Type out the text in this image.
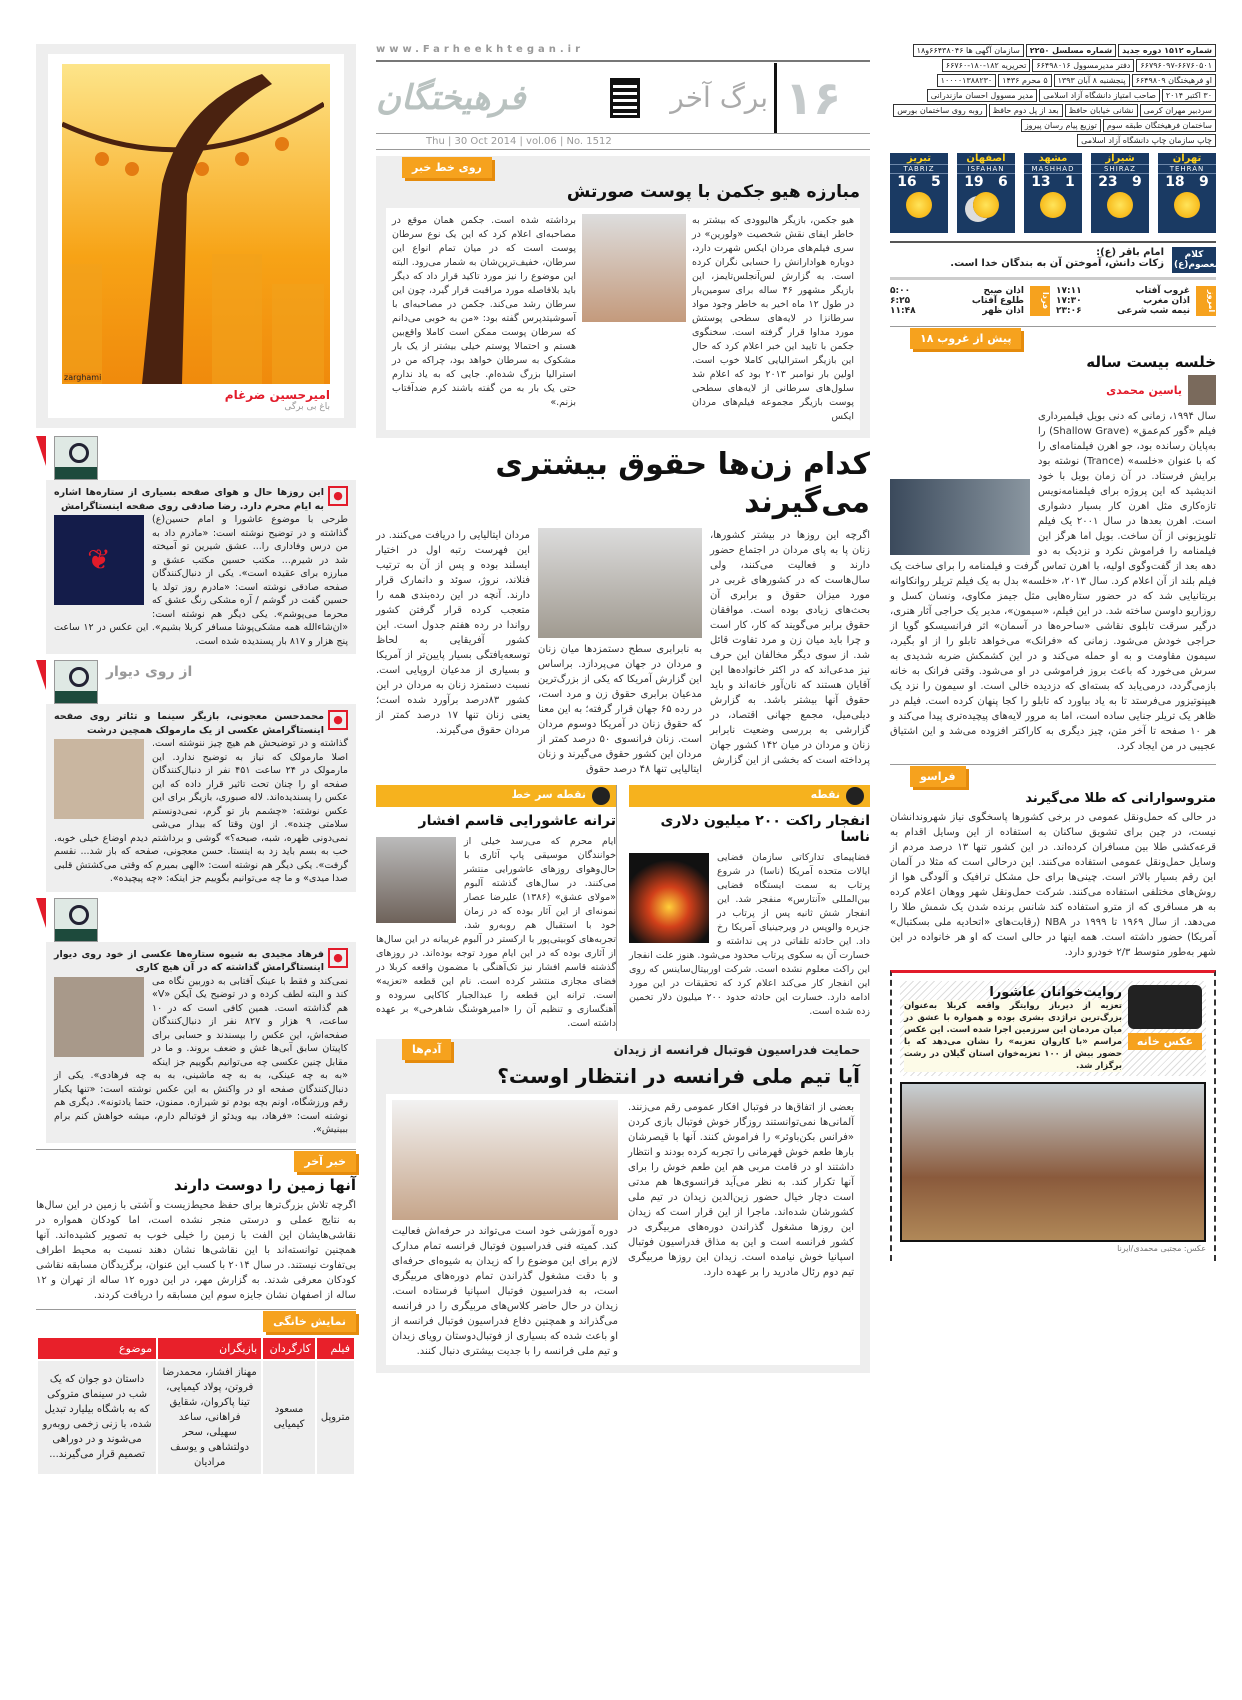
zarghami
امیرحسین ضرغام
باغ بی برگی
●
این روزها حال و هوای صفحه بسیاری از ستاره‌ها اشاره به ایام محرم دارد. رضا صادقی روی صفحه اینستاگرامش
❦
طرحی با موضوع عاشورا و امام حسین(ع) گذاشته و در توضیح نوشته است: «مادرم داد به من درس وفاداری را... عشق شیرین تو آمیخته شد در شیرم... مکتب حسین مکتب عشق و مبارزه برای عقیده است». یکی از دنبال‌کنندگان صفحه صادقی نوشته است: «مادرم روز تولد یا حسین گفت در گوشم / آره مشکی رنگ عشق که محرما می‌پوشم». یکی دیگر هم نوشته است: «ان‌شاءالله همه مشکی‌پوشا مسافر کربلا بشیم». این عکس در ۱۲ ساعت پنج هزار و ۸۱۷ بار پسندیده شده است.
از روی دیوار
●
محمدحسن معجونی، بازیگر سینما و تئاتر روی صفحه اینستاگرامش عکسی از یک مارمولک همچین درشت
گذاشته و در توضیحش هم هیچ چیز ننوشته است. اصلا مارمولک که نیاز به توضیح ندارد. این مارمولک در ۲۴ ساعت ۴۵۱ نفر از دنبال‌کنندگان صفحه او را چنان تحت تاثیر قرار داده که این عکس را پسندیده‌اند. لاله صبوری، بازیگر برای این عکس نوشته: «چشمم باز تو گرم، نمی‌دونستم سلامتی چنده». از اون وقتا که بیدار می‌شی نمی‌دونی ظهره، شبه، صبحه؟» گوشی و برداشتم دیدم اوضاع خیلی خوبه. خب به بسم باید زد به اینستا. حسن معجونی، صفحه که باز شد... نقسم گرفت». یکی دیگر هم نوشته است: «الهی بمیرم که وقتی می‌کشتش قلبی صدا میدی» و ما چه می‌توانیم بگوییم جز اینکه: «چه پیچیده».
●
فرهاد مجیدی به شیوه ستاره‌ها عکسی از خود روی دیوار اینستاگرامش گذاشته که در آن هیچ کاری
نمی‌کند و فقط با عینک آفتابی به دوربین نگاه می کند و البته لطف کرده و در توضیح یک آیکن «V» هم گذاشته است. همین کافی است که در ۱۰ ساعت، ۹ هزار و ۸۲۷ نفر از دنبال‌کنندگان صفحه‌اش، این عکس را بپسندند و حسابی برای کاپیتان سابق آبی‌ها غش و ضعف بروند. و ما در مقابل چنین عکسی چه می‌توانیم بگوییم جز اینکه «به به چه عینکی، به به چه ماشینی، به به چه فرهادی». یکی از دنبال‌کنندگان صفحه او در واکنش به این عکس نوشته است: «تنها یکبار رقم ورزشگاه، اونم بچه بودم تو شیرازه. ممنون، حتما یادتونه». دیگری هم نوشته است: «فرهاد، بیه ویدئو از فوتبالم دارم، میشه خواهش کنم برام ببینیش».
خبر آخر
آنها زمین را دوست دارند
اگرچه تلاش بزرگ‌ترها برای حفظ محیط‌زیست و آشتی با زمین در این سال‌ها به نتایج عملی و درستی منجر نشده است، اما کودکان همواره در نقاشی‌هایشان این الفت با زمین را خیلی خوب به تصویر کشیده‌اند. آنها همچنین توانسته‌اند با این نقاشی‌ها نشان دهند نسبت به محیط اطراف بی‌تفاوت نیستند. در سال ۲۰۱۴ با کسب این عنوان، برگزیدگان مسابقه نقاشی کودکان معرفی شدند. به گزارش مهر، در این دوره ۱۲ ساله از تهران و ۱۲ ساله از اصفهان نشان جایزه سوم این مسابقه را دریافت کردند.
نمایش خانگی
فیلم	کارگردان	بازیگران	موضوع
متروپل	مسعود کیمیایی	مهناز افشار، محمدرضا فروتن، پولاد کیمیایی، تینا پاکروان، شقایق فراهانی، ساعد سهیلی، سحر دولتشاهی و یوسف مرادیان	داستان دو جوان که یک شب در سینمای متروکی که به باشگاه بیلیارد تبدیل شده، با زنی زخمی روبه‌رو می‌شوند و در دوراهی تصمیم قرار می‌گیرند...
www.Farheekhtegan.ir
فرهیختگان	برگ آخر ۱۶
Thu | 30 Oct 2014 | vol.06 | No. 1512
روی خط خبر
مبارزه هیو جکمن با پوست صورتش
هیو جکمن، بازیگر هالیوودی که بیشتر به خاطر ایفای نقش شخصیت «ولورین» در سری فیلم‌های مردان ایکس شهرت دارد، دوباره هوادارانش را حسابی نگران کرده است. به گزارش لس‌آنجلس‌تایمز، این بازیگر مشهور ۴۶ ساله برای سومین‌بار در طول ۱۲ ماه اخیر به خاطر وجود مواد سرطانزا در لایه‌های سطحی پوستش مورد مداوا قرار گرفته است. سخنگوی جکمن با تایید این خبر اعلام کرد که حال این بازیگر استرالیایی کاملا خوب است. اولین بار نوامبر ۲۰۱۳ بود که اعلام شد سلول‌های سرطانی از لایه‌های سطحی پوست بازیگر مجموعه فیلم‌های مردان ایکس
برداشته شده است. جکمن همان موقع در مصاحبه‌ای اعلام کرد که این یک نوع سرطان پوست است که در میان تمام انواع این سرطان، خفیف‌ترین‌شان به شمار می‌رود. البته این موضوع را نیز مورد تاکید قرار داد که دیگر باید بلافاصله مورد مراقبت قرار گیرد، چون این سرطان رشد می‌کند. جکمن در مصاحبه‌ای با آسوشیتدپرس گفته بود: «من به خوبی می‌دانم که سرطان پوست ممکن است کاملا واقع‌بین هستم و احتمالا پوستم خیلی بیشتر از یک بار مشکوک به سرطان خواهد بود، چراکه من در استرالیا بزرگ شده‌ام. جایی که به یاد ندارم حتی یک بار به من گفته باشند کرم ضدآفتاب بزنم.»
کدام زن‌ها حقوق بیشتری می‌گیرند
اگرچه این روزها در بیشتر کشورها، زنان پا به پای مردان در اجتماع حضور دارند و فعالیت می‌کنند، ولی سال‌هاست که در کشورهای غربی در مورد میزان حقوق و برابری آن بحث‌های زیادی بوده است. موافقان حقوق برابر می‌گویند که کار، کار است و چرا باید میان زن و مرد تفاوت قائل شد. از سوی دیگر مخالفان این حرف نیز مدعی‌اند که در اکثر خانواده‌ها این آقایان هستند که نان‌آور خانه‌اند و باید حقوق آنها بیشتر باشد. به گزارش دیلی‌میل، مجمع جهانی اقتصاد، در گزارشی به بررسی وضعیت نابرابر زنان و مردان در میان ۱۴۲ کشور جهان پرداخته است که بخشی از این گزارش
به نابرابری سطح دستمزدها میان زنان و مردان در جهان می‌پردازد. براساس این گزارش آمریکا که یکی از بزرگ‌ترین مدعیان برابری حقوق زن و مرد است، در رده ۶۵ جهان قرار گرفته؛ به این معنا که حقوق زنان در آمریکا دوسوم مردان است. زنان فرانسوی ۵۰ درصد کمتر از مردان این کشور حقوق می‌گیرند و زنان ایتالیایی تنها ۴۸ درصد حقوق
مردان ایتالیایی را دریافت می‌کنند. در این فهرست رتبه اول در اختیار ایسلند بوده و پس از آن به ترتیب فنلاند، نروژ، سوئد و دانمارک قرار دارند. آنچه در این رده‌بندی همه را متعجب کرده قرار گرفتن کشور رواندا در رده هفتم جدول است. این کشور آفریقایی به لحاظ توسعه‌یافتگی بسیار پایین‌تر از آمریکا و بسیاری از مدعیان اروپایی است. نسبت دستمزد زنان به مردان در این کشور ۸۳درصد برآورد شده است؛ یعنی زنان تنها ۱۷ درصد کمتر از مردان حقوق می‌گیرند.
نقطه
انفجار راکت ۲۰۰ میلیون دلاری ناسا
فضاپیمای تدارکاتی سازمان فضایی ایالات متحده آمریکا (ناسا) در شروع پرتاب به سمت ایستگاه فضایی بین‌المللی «آنتارس» منفجر شد. این انفجار شش ثانیه پس از پرتاب در جزیره والوپس در ویرجینیای آمریکا رخ داد. این حادثه تلفاتی در پی نداشته و خسارت آن به سکوی پرتاب محدود می‌شود. هنوز علت انفجار این راکت معلوم نشده است. شرکت اوربیتال‌ساینس که روی این انفجار کار می‌کند اعلام کرد که تحقیقات در این مورد ادامه دارد. خسارت این حادثه حدود ۲۰۰ میلیون دلار تخمین زده شده است.
نقطه سر خط
ترانه عاشورایی قاسم افشار
ایام محرم که می‌رسد خیلی از خوانندگان موسیقی پاپ آثاری با حال‌وهوای روزهای عاشورایی منتشر می‌کنند. در سال‌های گذشته آلبوم «مولای عشق» (۱۳۸۶) علیرضا عصار نمونه‌ای از این آثار بوده که در زمان خود با استقبال هم روبه‌رو شد. تجربه‌های کوبیتی‌پور با ارکستر در آلبوم غریبانه در این سال‌ها از آثاری بوده که در این ایام مورد توجه بوده‌اند. در روزهای گذشته قاسم افشار نیز تک‌آهنگی با مضمون واقعه کربلا در فضای مجازی منتشر کرده است. نام این قطعه «تعزیه» است. ترانه این قطعه را عبدالجبار کاکایی سروده و آهنگسازی و تنظیم آن را «امیرهوشنگ شاهرخی» بر عهده داشته است.
آدم‌ها	حمایت فدراسیون فوتبال فرانسه از زیدان
آیا تیم ملی فرانسه در انتظار اوست؟
بعضی از اتفاق‌ها در فوتبال افکار عمومی رقم می‌زنند. آلمانی‌ها نمی‌توانستند روزگار خوش فوتبال بازی کردن «فرانس بکن‌باوئر» را فراموش کنند. آنها با قیصرشان بارها طعم خوش قهرمانی را تجربه کرده بودند و انتظار داشتند او در قامت مربی هم این طعم خوش را برای آنها تکرار کند. به نظر می‌آید فرانسوی‌ها هم مدتی است دچار خیال حضور زین‌الدین زیدان در تیم ملی کشورشان شده‌اند. ماجرا از این قرار است که زیدان این روزها مشغول گذراندن دوره‌های مربیگری در کشور فرانسه است و این به مذاق فدراسیون فوتبال اسپانیا خوش نیامده است. زیدان این روزها مربیگری تیم دوم رئال مادرید را بر عهده دارد.
دوره آموزشی خود است می‌تواند در حرفه‌اش فعالیت کند. کمیته فنی فدراسیون فوتبال فرانسه تمام مدارک لازم برای این موضوع را که زیدان به شیوه‌ای حرفه‌ای و با دقت مشغول گذراندن تمام دوره‌های مربیگری است، به فدراسیون فوتبال اسپانیا فرستاده است. زیدان در حال حاضر کلاس‌های مربیگری را در فرانسه می‌گذراند و همچنین دفاع فدراسیون فوتبال فرانسه از او باعث شده که بسیاری از فوتبال‌دوستان رویای زیدان و تیم ملی فرانسه را با جدیت بیشتری دنبال کنند.
شماره ۱۵۱۲ دوره جدید
شماره مسلسل ۲۲۵۰
سازمان آگهی ها ۶۶۴۳۸۰۴۶و۱۸
۶۶۷۹۶۰۹۷-۶۶۷۶۰۵۰۱
دفتر مدیرمسوول ۶۶۴۹۸۰۱۶
تحریریه ۱۸۲-۱۸۰-۶۶۷۶۰
او فرهیختگان ۶۶۴۹۸۰۹
پنجشنبه ۸ آبان ۱۳۹۳
۵ محرم ۱۴۳۶
۱۰۰۰۰۱۳۸۸۲۳۰
۳۰ اکتبر ۲۰۱۴
صاحب امتیاز دانشگاه آزاد اسلامی
مدیر مسوول احسان مازندرانی
سردبیر مهران کرمی
نشانی خیابان حافظ
بعد از پل دوم حافظ
روبه روی ساختمان بورس
ساختمان فرهیختگان طبقه سوم
توزیع پیام رسان پیروز
چاپ سازمان چاپ دانشگاه آزاد اسلامی
تهران
TEHRAN
18 9
شیراز
SHIRAZ
23 9
مشهد
MASHHAD
13 1
اصفهان
ISFAHAN
19 6
تبریز
TABRIZ
16 5
کلام معصوم(ع)
امام باقر (ع):
زکات دانش، آموختن آن به بندگان خدا است.
امروز
غروب آفتاب
۱۷:۱۱
اذان مغرب
۱۷:۳۰
نیمه شب شرعی
۲۳:۰۶
فردا
اذان صبح
۵:۰۰
طلوع آفتاب
۶:۲۵
اذان ظهر
۱۱:۴۸
پیش از غروب ۱۸
خلسه بیست ساله
یاسین محمدی
سال ۱۹۹۴، زمانی که دنی بویل فیلمبرداری فیلم «گور کم‌عمق» (Shallow Grave) را به‌پایان رسانده بود، جو اهرن فیلمنامه‌ای را که با عنوان «خلسه» (Trance) نوشته بود برایش فرستاد. در آن زمان بویل با خود اندیشید که این پروژه برای فیلمنامه‌نویس تازه‌کاری مثل اهرن کار بسیار دشواری است. اهرن بعدها در سال ۲۰۰۱ یک فیلم تلویزیونی از آن ساخت. بویل اما هرگز این فیلمنامه را فراموش نکرد و نزدیک به دو دهه بعد از گفت‌وگوی اولیه، با اهرن تماس گرفت و فیلمنامه را برای ساخت یک فیلم بلند از آن اعلام کرد. سال ۲۰۱۳، «خلسه» بدل به یک فیلم تریلر روانکاوانه بریتانیایی شد که در حضور ستاره‌هایی مثل جیمز مکاوی، ونسان کسل و روزاریو داوسن ساخته شد. در این فیلم، «سیمون»، مدیر یک حراجی آثار هنری، درگیر سرقت تابلوی نقاشی «ساحره‌ها در آسمان» اثر فرانسیسکو گویا از حراجی خودش می‌شود. زمانی که «فرانک» می‌خواهد تابلو را از او بگیرد، سیمون مقاومت و به او حمله می‌کند و در این کشمکش ضربه شدیدی به سرش می‌خورد که باعث بروز فراموشی در او می‌شود. وقتی فرانک به خانه بازمی‌گردد، درمی‌یابد که بسته‌ای که دزدیده خالی است. او سیمون را نزد یک هیپنوتیزور می‌فرستد تا به یاد بیاورد که تابلو را کجا پنهان کرده است. فیلم در ظاهر یک تریلر جنایی ساده است، اما به مرور لایه‌های پیچیده‌تری پیدا می‌کند و هر ۱۰ صفحه تا آخر متن، چیز دیگری به کاراکتر افزوده می‌شد و این اشتیاق عجیبی در من ایجاد کرد.
فراسو
متروسوارانی که طلا می‌گیرند
در حالی که حمل‌ونقل عمومی در برخی کشورها پاسخگوی نیاز شهروندانشان نیست، در چین برای تشویق ساکنان به استفاده از این وسایل اقدام به قرعه‌کشی طلا بین مسافران کرده‌اند. در این کشور تنها ۱۳ درصد مردم از وسایل حمل‌ونقل عمومی استفاده می‌کنند. این درحالی است که مثلا در آلمان این رقم بسیار بالاتر است. چینی‌ها برای حل مشکل ترافیک و آلودگی هوا از روش‌های مختلفی استفاده می‌کنند. شرکت حمل‌ونقل شهر ووهان اعلام کرده به هر مسافری که از مترو استفاده کند شانس برنده شدن یک شمش طلا را می‌دهد. از سال ۱۹۶۹ تا ۱۹۹۹ در NBA (رقابت‌های «اتحادیه ملی بسکتبال» آمریکا) حضور داشته است. همه اینها در حالی است که او هر خانواده در این شهر به‌طور متوسط ۲/۳ خودرو دارد.
عکس خانه
روایت‌خوانان عاشورا
تعزیه از دیرباز روایتگر واقعه کربلا به‌عنوان بزرگ‌ترین تراژدی بشری بوده و همواره با عشق در میان مردمان این سرزمین اجرا شده است. این عکس مراسم «با کاروان تعزیه» را نشان می‌دهد که با حضور بیش از ۱۰۰ تعزیه‌خوان استان گیلان در رشت برگزار شد.
عکس: مجتبی محمدی/ایرنا
